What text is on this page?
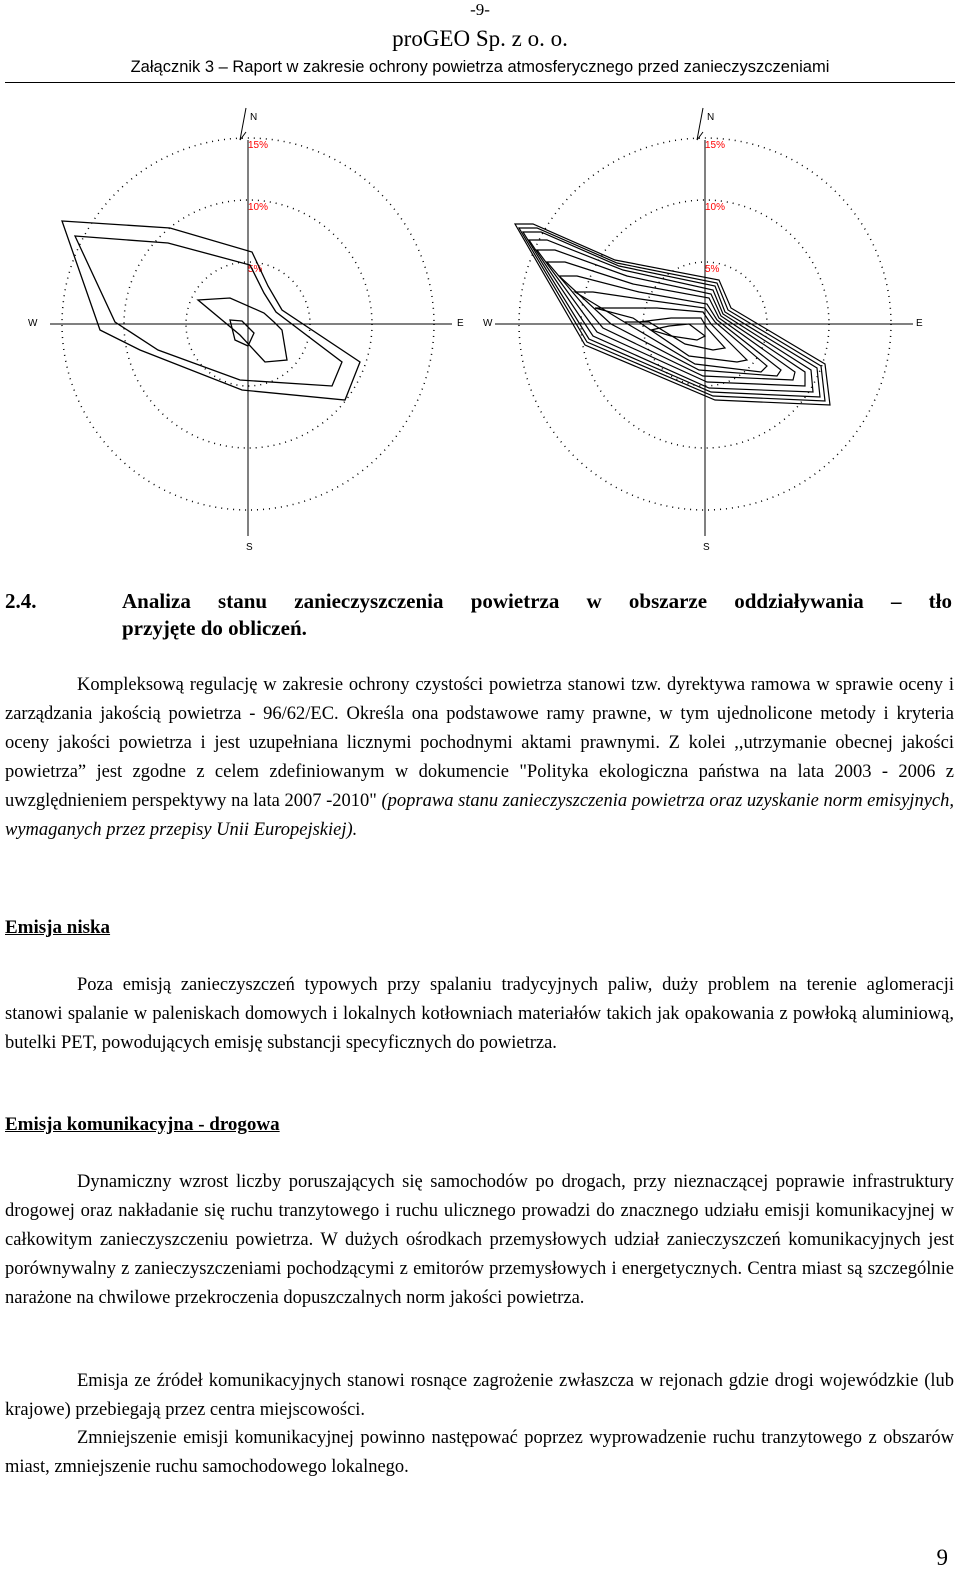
-9-
proGEO Sp. z o. o.
Załącznik 3 – Raport w zakresie ochrony powietrza atmosferycznego przed zanieczyszczeniami
N
S
W	E
5%
10%
15%
N
S
W	E
5%
10%
15%
2.4.	Analiza stanu zanieczyszczenia powietrza w obszarze oddziaływania – tło
przyjęte do obliczeń.

Kompleksową regulację w zakresie ochrony czystości powietrza stanowi tzw. dyrektywa ramowa w sprawie oceny i zarządzania jakością powietrza - 96/62/EC. Określa ona podstawowe ramy prawne, w tym ujednolicone metody i kryteria oceny jakości powietrza i jest uzupełniana licznymi pochodnymi aktami prawnymi. Z kolei ,,utrzymanie obecnej jakości powietrza” jest zgodne z celem zdefiniowanym w dokumencie "Polityka ekologiczna państwa na lata 2003 - 2006 z uwzględnieniem perspektywy na lata 2007 -2010" (poprawa stanu zanieczyszczenia powietrza oraz uzyskanie norm emisyjnych, wymaganych przez przepisy Unii Europejskiej).

Emisja niska

Poza emisją zanieczyszczeń typowych przy spalaniu tradycyjnych paliw, duży problem na terenie aglomeracji stanowi spalanie w paleniskach domowych i lokalnych kotłowniach materiałów takich jak opakowania z powłoką aluminiową, butelki PET, powodujących emisję substancji specyficznych do powietrza.

Emisja komunikacyjna - drogowa

Dynamiczny wzrost liczby poruszających się samochodów po drogach, przy nieznaczącej poprawie infrastruktury drogowej oraz nakładanie się ruchu tranzytowego i ruchu ulicznego prowadzi do znacznego udziału emisji komunikacyjnej w całkowitym zanieczyszczeniu powietrza. W dużych ośrodkach przemysłowych udział zanieczyszczeń komunikacyjnych jest porównywalny z zanieczyszczeniami pochodzącymi z emitorów przemysłowych i energetycznych. Centra miast są szczególnie narażone na chwilowe przekroczenia dopuszczalnych norm jakości powietrza.

Emisja ze źródeł komunikacyjnych stanowi rosnące zagrożenie zwłaszcza w rejonach gdzie drogi wojewódzkie (lub krajowe) przebiegają przez centra miejscowości.

Zmniejszenie emisji komunikacyjnej powinno następować poprzez wyprowadzenie ruchu tranzytowego z obszarów miast, zmniejszenie ruchu samochodowego lokalnego.

9
